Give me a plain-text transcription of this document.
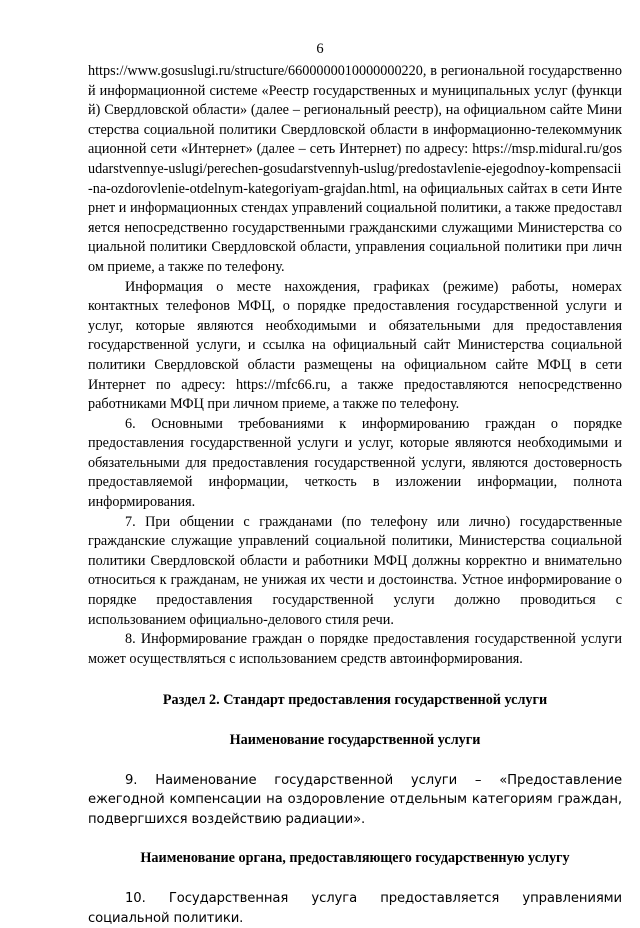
6

https://www.gosuslugi.ru/structure/6600000010000000220, в региональной государственной информационной системе «Реестр государственных и муниципальных услуг (функций) Свердловской области» (далее – региональный реестр), на официальном сайте Министерства социальной политики Свердловской области в информационно-телекоммуникационной сети «Интернет» (далее – сеть Интернет) по адресу: https://msp.midural.ru/gosudarstvennye-uslugi/perechen-gosudarstvennyh-uslug/predostavlenie-ejegodnoy-kompensacii-na-ozdorovlenie-otdelnym-kategoriyam-grajdan.html, на официальных сайтах в сети Интернет и информационных стендах управлений социальной политики, а также предоставляется непосредственно государственными гражданскими служащими Министерства социальной политики Свердловской области, управления социальной политики при личном приеме, а также по телефону.

Информация о месте нахождения, графиках (режиме) работы, номерах контактных телефонов МФЦ, о порядке предоставления государственной услуги и услуг, которые являются необходимыми и обязательными для предоставления государственной услуги, и ссылка на официальный сайт Министерства социальной политики Свердловской области размещены на официальном сайте МФЦ в сети Интернет по адресу: https://mfc66.ru, а также предоставляются непосредственно работниками МФЦ при личном приеме, а также по телефону.

6. Основными требованиями к информированию граждан о порядке предоставления государственной услуги и услуг, которые являются необходимыми и обязательными для предоставления государственной услуги, являются достоверность предоставляемой информации, четкость в изложении информации, полнота информирования.

7. При общении с гражданами (по телефону или лично) государственные гражданские служащие управлений социальной политики, Министерства социальной политики Свердловской области и работники МФЦ должны корректно и внимательно относиться к гражданам, не унижая их чести и достоинства. Устное информирование о порядке предоставления государственной услуги должно проводиться с использованием официально-делового стиля речи.

8. Информирование граждан о порядке предоставления государственной услуги может осуществляться с использованием средств автоинформирования.

Раздел 2. Стандарт предоставления государственной услуги

Наименование государственной услуги

9. Наименование государственной услуги – «Предоставление ежегодной компенсации на оздоровление отдельным категориям граждан, подвергшихся воздействию радиации».

Наименование органа, предоставляющего государственную услугу

10. Государственная услуга предоставляется управлениями социальной политики.
